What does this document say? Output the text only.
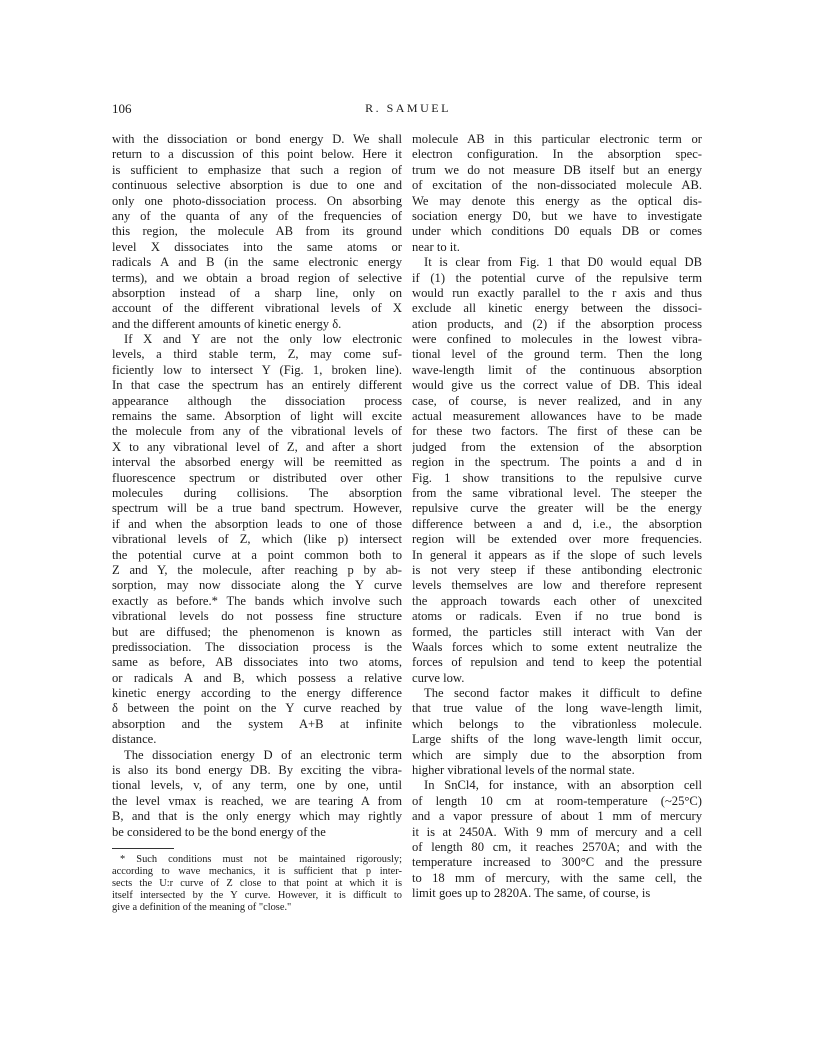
106	R. SAMUEL
with the dissociation or bond energy D. We shall
return to a discussion of this point below. Here it
is sufficient to emphasize that such a region of
continuous selective absorption is due to one and
only one photo-dissociation process. On absorbing
any of the quanta of any of the frequencies of
this region, the molecule AB from its ground
level X dissociates into the same atoms or
radicals A and B (in the same electronic energy
terms), and we obtain a broad region of selective
absorption instead of a sharp line, only on
account of the different vibrational levels of X
and the different amounts of kinetic energy δ.
If X and Y are not the only low electronic
levels, a third stable term, Z, may come suf-
ficiently low to intersect Y (Fig. 1, broken line).
In that case the spectrum has an entirely different
appearance although the dissociation process
remains the same. Absorption of light will excite
the molecule from any of the vibrational levels of
X to any vibrational level of Z, and after a short
interval the absorbed energy will be reemitted as
fluorescence spectrum or distributed over other
molecules during collisions. The absorption
spectrum will be a true band spectrum. However,
if and when the absorption leads to one of those
vibrational levels of Z, which (like p) intersect
the potential curve at a point common both to
Z and Y, the molecule, after reaching p by ab-
sorption, may now dissociate along the Y curve
exactly as before.* The bands which involve such
vibrational levels do not possess fine structure
but are diffused; the phenomenon is known as
predissociation. The dissociation process is the
same as before, AB dissociates into two atoms,
or radicals A and B, which possess a relative
kinetic energy according to the energy difference
δ between the point on the Y curve reached by
absorption and the system A+B at infinite
distance.
The dissociation energy D of an electronic term
is also its bond energy DB. By exciting the vibra-
tional levels, v, of any term, one by one, until
the level vmax is reached, we are tearing A from
B, and that is the only energy which may rightly
be considered to be the bond energy of the
* Such conditions must not be maintained rigorously;
according to wave mechanics, it is sufficient that p inter-
sects the U:r curve of Z close to that point at which it is
itself intersected by the Y curve. However, it is difficult to
give a definition of the meaning of "close."
molecule AB in this particular electronic term or
electron configuration. In the absorption spec-
trum we do not measure DB itself but an energy
of excitation of the non-dissociated molecule AB.
We may denote this energy as the optical dis-
sociation energy D0, but we have to investigate
under which conditions D0 equals DB or comes
near to it.
It is clear from Fig. 1 that D0 would equal DB
if (1) the potential curve of the repulsive term
would run exactly parallel to the r axis and thus
exclude all kinetic energy between the dissoci-
ation products, and (2) if the absorption process
were confined to molecules in the lowest vibra-
tional level of the ground term. Then the long
wave-length limit of the continuous absorption
would give us the correct value of DB. This ideal
case, of course, is never realized, and in any
actual measurement allowances have to be made
for these two factors. The first of these can be
judged from the extension of the absorption
region in the spectrum. The points a and d in
Fig. 1 show transitions to the repulsive curve
from the same vibrational level. The steeper the
repulsive curve the greater will be the energy
difference between a and d, i.e., the absorption
region will be extended over more frequencies.
In general it appears as if the slope of such levels
is not very steep if these antibonding electronic
levels themselves are low and therefore represent
the approach towards each other of unexcited
atoms or radicals. Even if no true bond is
formed, the particles still interact with Van der
Waals forces which to some extent neutralize the
forces of repulsion and tend to keep the potential
curve low.
The second factor makes it difficult to define
that true value of the long wave-length limit,
which belongs to the vibrationless molecule.
Large shifts of the long wave-length limit occur,
which are simply due to the absorption from
higher vibrational levels of the normal state.
In SnCl4, for instance, with an absorption cell
of length 10 cm at room-temperature (~25°C)
and a vapor pressure of about 1 mm of mercury
it is at 2450A. With 9 mm of mercury and a cell
of length 80 cm, it reaches 2570A; and with the
temperature increased to 300°C and the pressure
to 18 mm of mercury, with the same cell, the
limit goes up to 2820A. The same, of course, is
